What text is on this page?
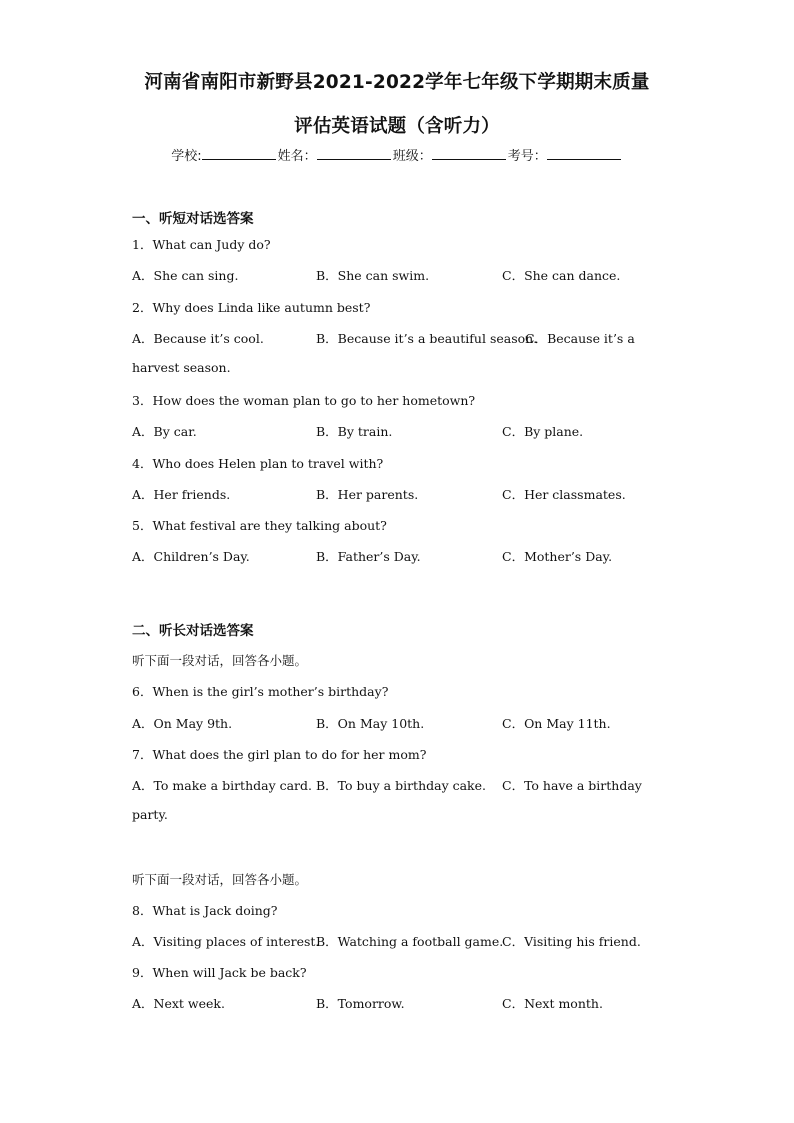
河南省南阳市新野县2021-2022学年七年级下学期期末质量
评估英语试题（含听力）
学校:	姓名：	班级：	考号：
一、听短对话选答案
1．What can Judy do?
A．She can sing.	B．She can swim.	C．She can dance.
2．Why does Linda like autumn best?
A．Because it’s cool.	B．Because it’s a beautiful season.
C．Because it’s a
harvest season.
3．How does the woman plan to go to her hometown?
A．By car.	B．By train.	C．By plane.
4．Who does Helen plan to travel with?
A．Her friends.	B．Her parents.	C．Her classmates.
5．What festival are they talking about?
A．Children’s Day.	B．Father’s Day.	C．Mother’s Day.
二、听长对话选答案
听下面一段对话，回答各小题。
6．When is the girl’s mother’s birthday?
A．On May 9th.	B．On May 10th.	C．On May 11th.
7．What does the girl plan to do for her mom?
A．To make a birthday card. B．To buy a birthday cake. C．To have a birthday
party.
听下面一段对话，回答各小题。
8．What is Jack doing?
A．Visiting places of interest.
B．Watching a football game.
C．Visiting his friend.
9．When will Jack be back?
A．Next week.	B．Tomorrow.	C．Next month.
